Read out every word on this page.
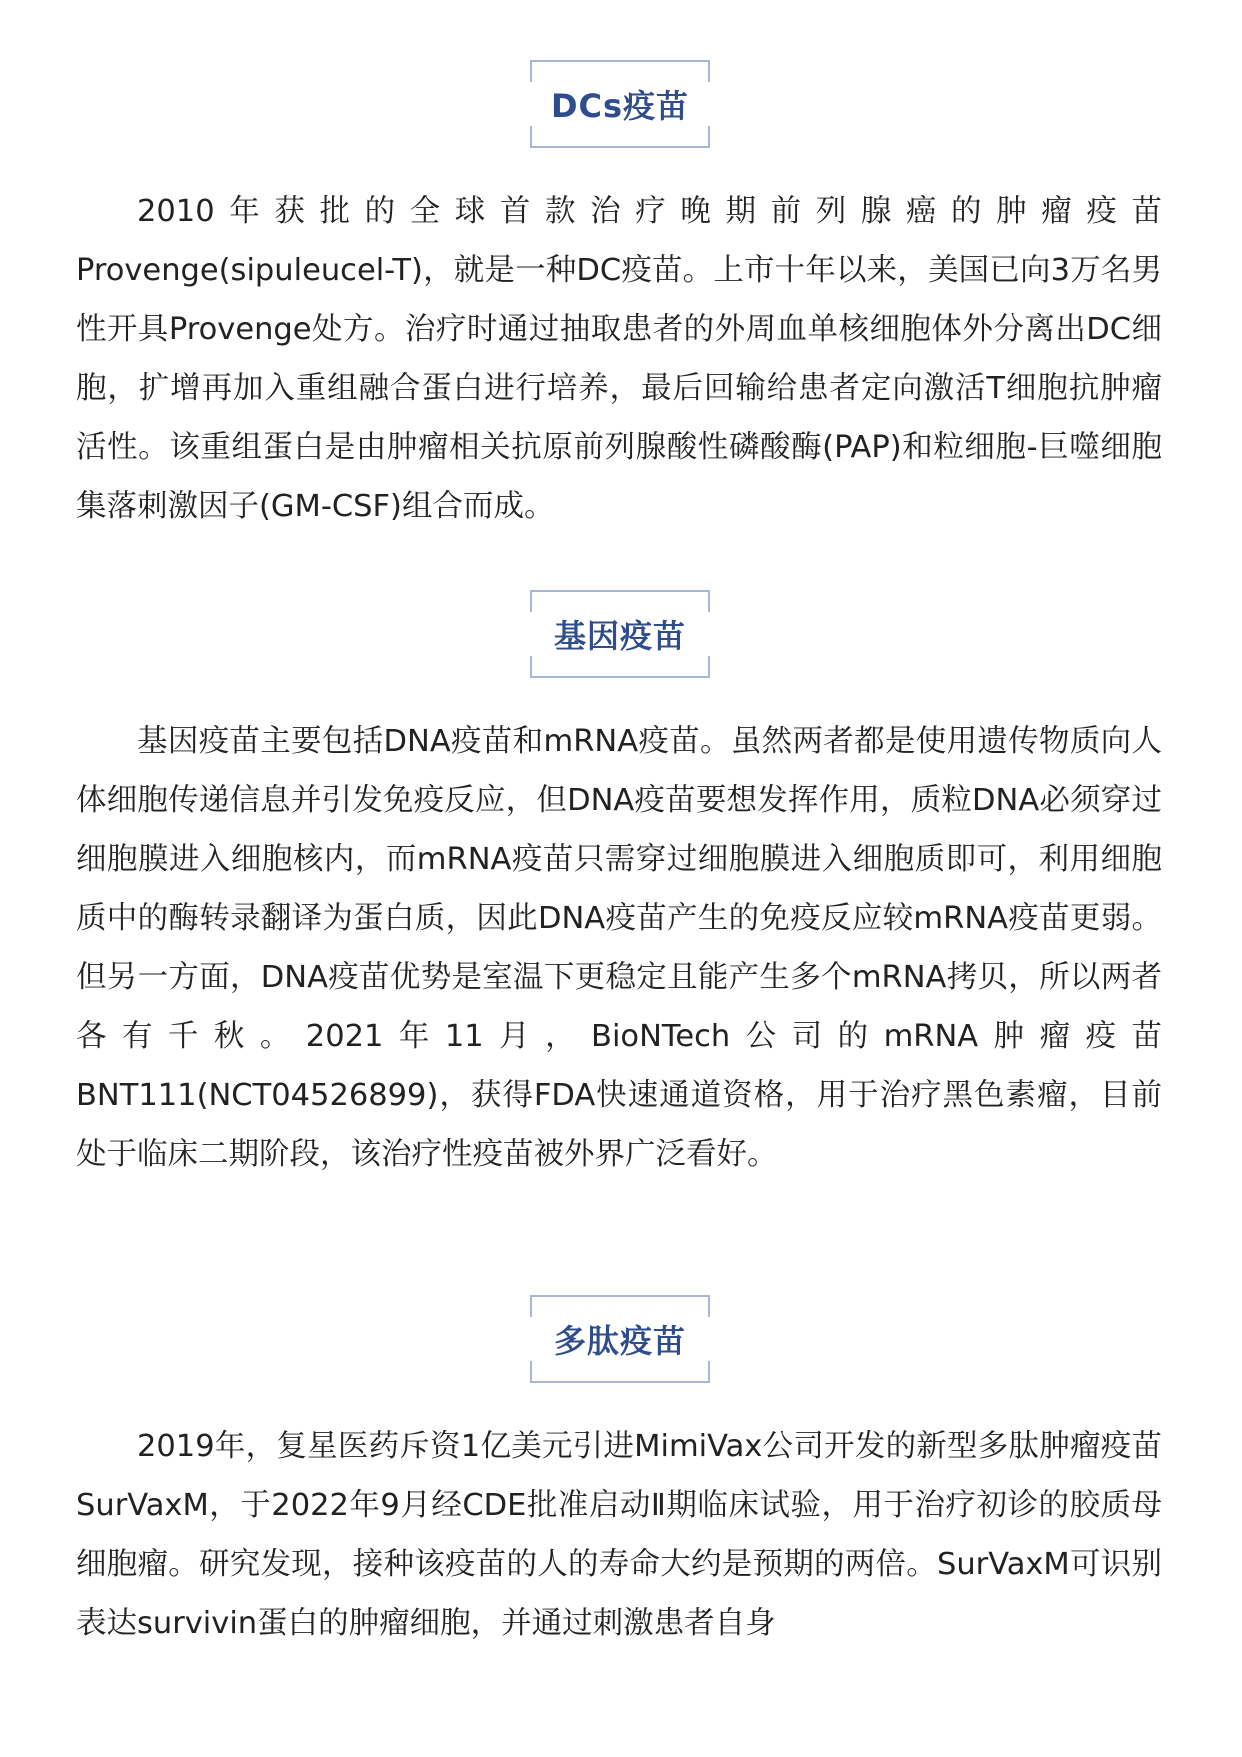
DCs疫苗

2010年获批的全球首款治疗晚期前列腺癌的肿瘤疫苗Provenge(sipuleucel-T)，就是一种DC疫苗。上市十年以来，美国已向3万名男性开具Provenge处方。治疗时通过抽取患者的外周血单核细胞体外分离出DC细胞，扩增再加入重组融合蛋白进行培养，最后回输给患者定向激活T细胞抗肿瘤活性。该重组蛋白是由肿瘤相关抗原前列腺酸性磷酸酶(PAP)和粒细胞-巨噬细胞集落刺激因子(GM-CSF)组合而成。

基因疫苗

基因疫苗主要包括DNA疫苗和mRNA疫苗。虽然两者都是使用遗传物质向人体细胞传递信息并引发免疫反应，但DNA疫苗要想发挥作用，质粒DNA必须穿过细胞膜进入细胞核内，而mRNA疫苗只需穿过细胞膜进入细胞质即可，利用细胞质中的酶转录翻译为蛋白质，因此DNA疫苗产生的免疫反应较mRNA疫苗更弱。但另一方面，DNA疫苗优势是室温下更稳定且能产生多个mRNA拷贝，所以两者各有千秋。2021年11月，BioNTech公司的mRNA肿瘤疫苗BNT111(NCT04526899)，获得FDA快速通道资格，用于治疗黑色素瘤，目前处于临床二期阶段，该治疗性疫苗被外界广泛看好。

多肽疫苗

2019年，复星医药斥资1亿美元引进MimiVax公司开发的新型多肽肿瘤疫苗SurVaxM，于2022年9月经CDE批准启动Ⅱ期临床试验，用于治疗初诊的胶质母细胞瘤。研究发现，接种该疫苗的人的寿命大约是预期的两倍。SurVaxM可识别表达survivin蛋白的肿瘤细胞，并通过刺激患者自身
